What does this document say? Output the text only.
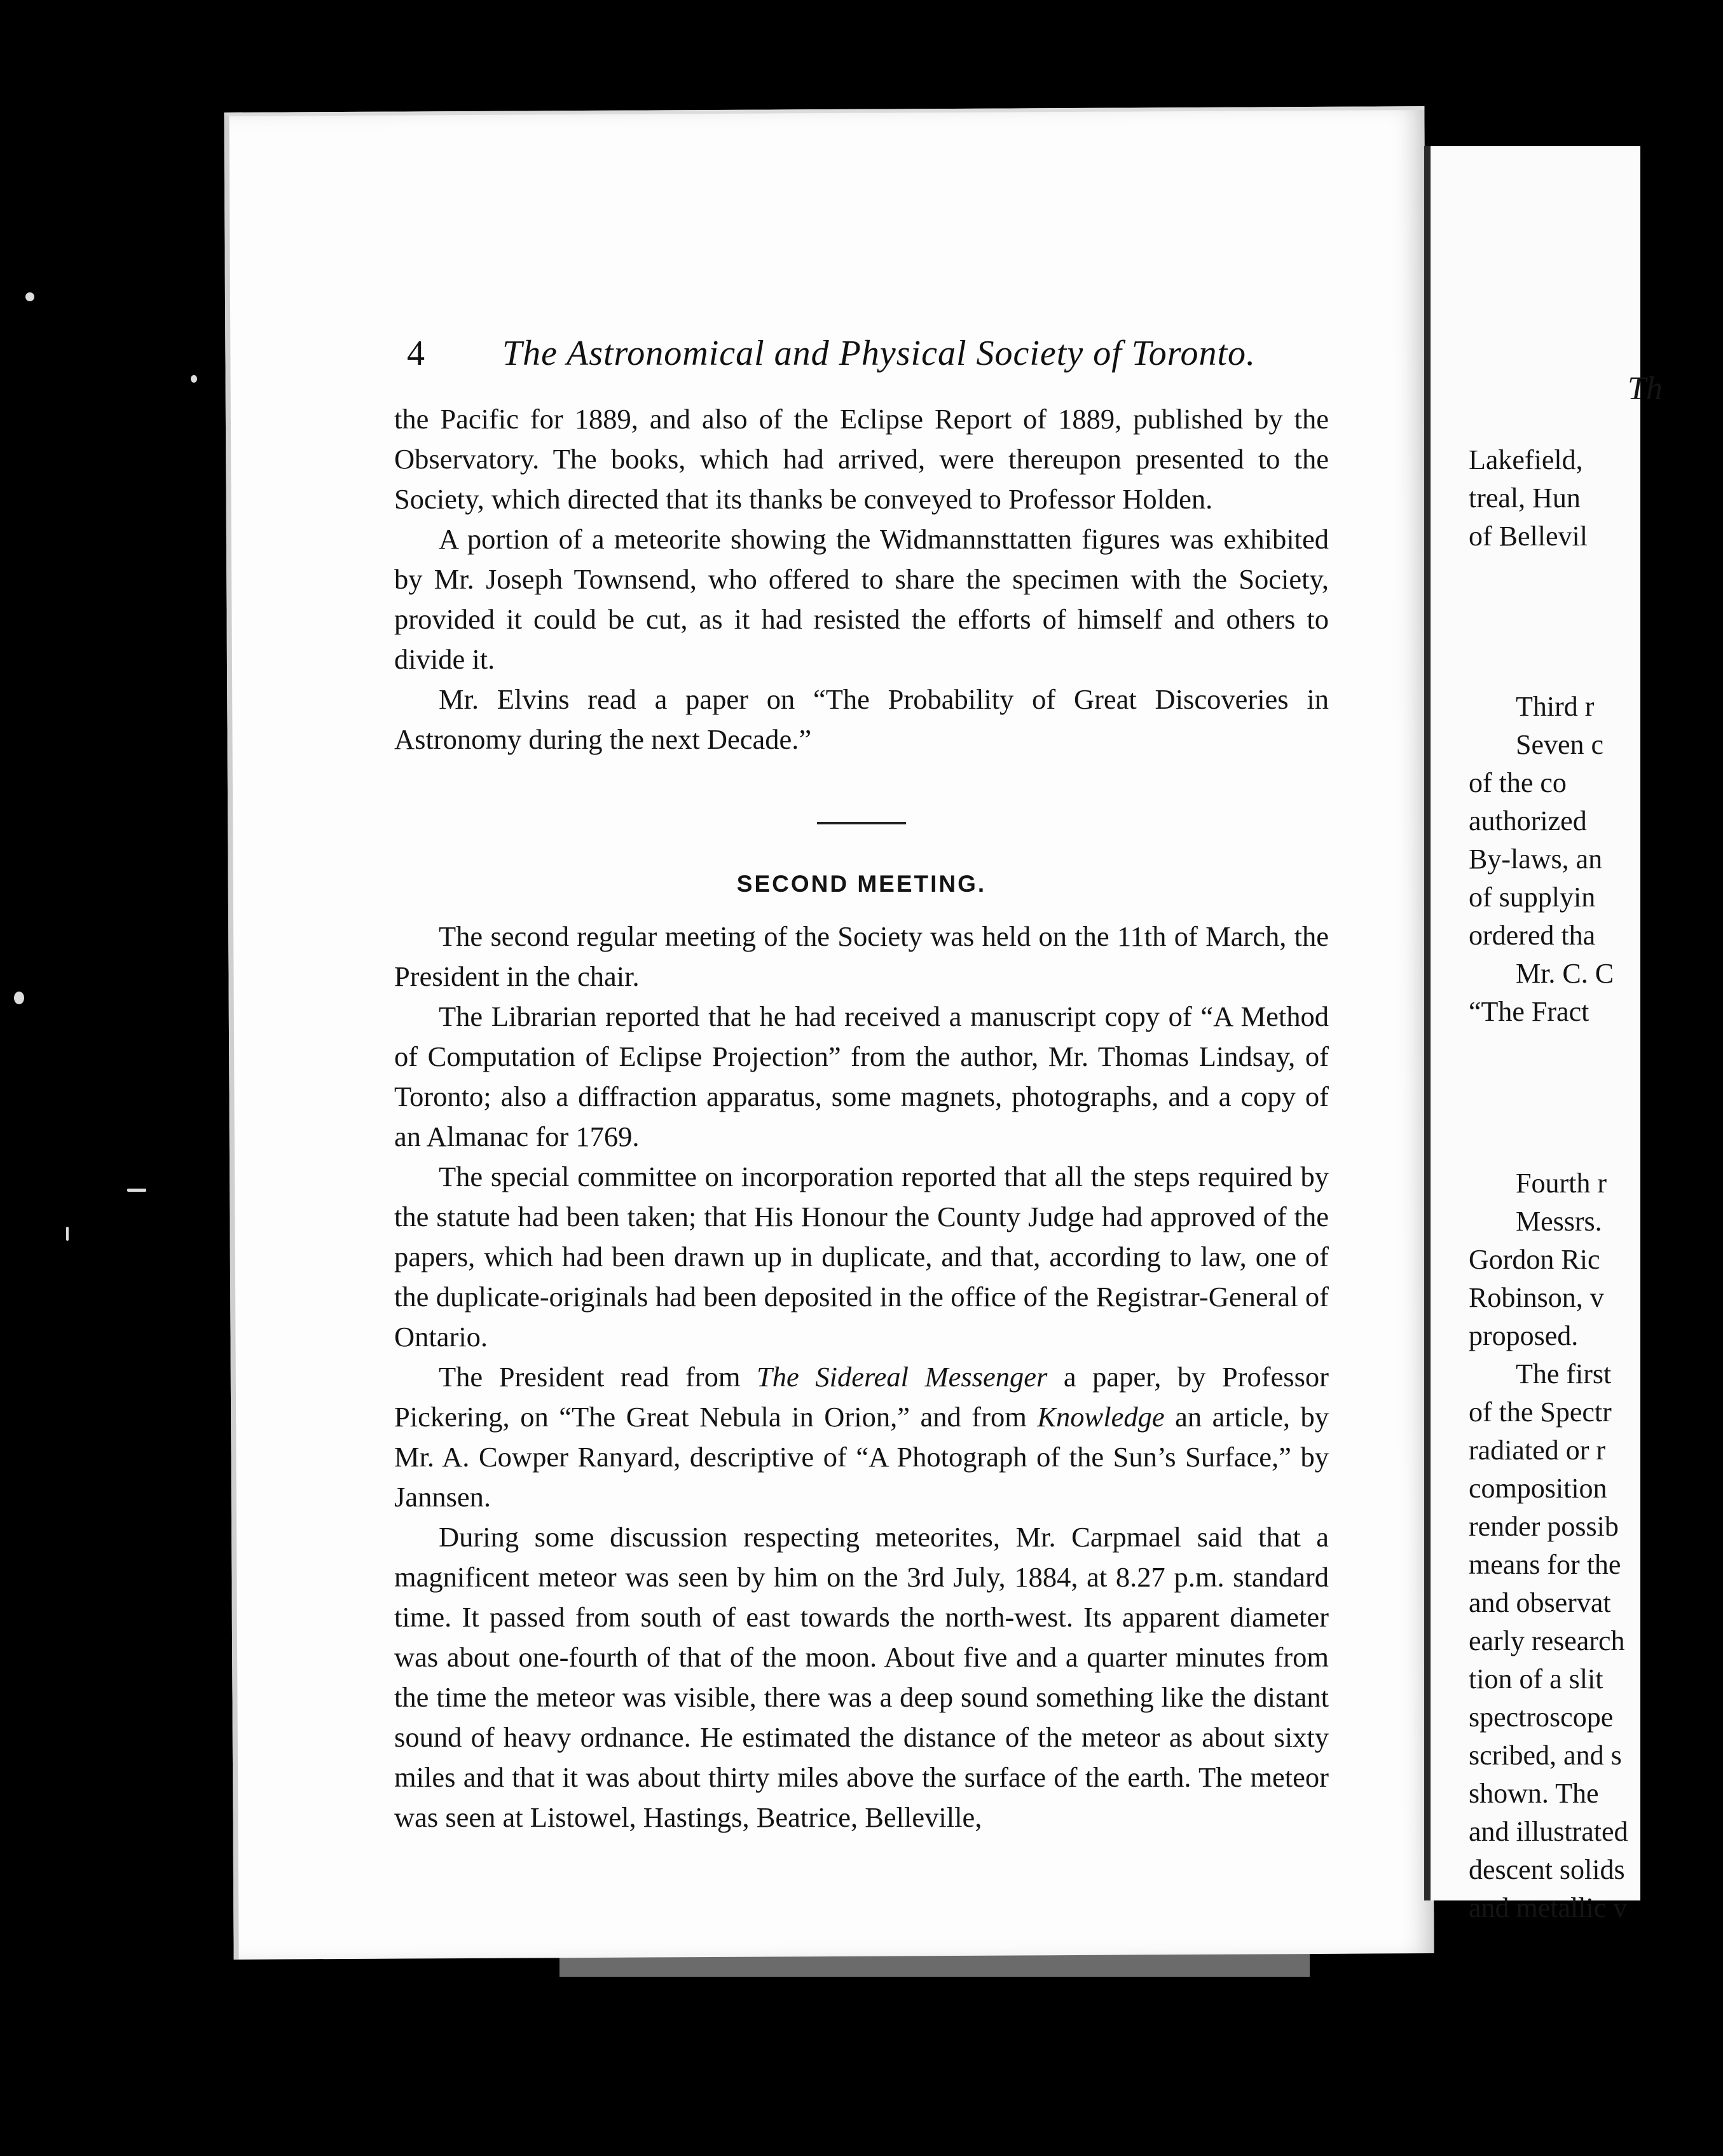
4 The Astronomical and Physical Society of Toronto.

the Pacific for 1889, and also of the Eclipse Report of 1889, published by the Observatory. The books, which had arrived, were thereupon presented to the Society, which directed that its thanks be conveyed to Professor Holden.

A portion of a meteorite showing the Widmannsttatten figures was exhibited by Mr. Joseph Townsend, who offered to share the specimen with the Society, provided it could be cut, as it had resisted the efforts of himself and others to divide it.

Mr. Elvins read a paper on “The Probability of Great Discoveries in Astronomy during the next Decade.”

SECOND MEETING.

The second regular meeting of the Society was held on the 11th of March, the President in the chair.

The Librarian reported that he had received a manuscript copy of “A Method of Computation of Eclipse Projection” from the author, Mr. Thomas Lindsay, of Toronto; also a diffraction apparatus, some magnets, photographs, and a copy of an Almanac for 1769.

The special committee on incorporation reported that all the steps required by the statute had been taken; that His Honour the County Judge had approved of the papers, which had been drawn up in duplicate, and that, according to law, one of the duplicate-originals had been deposited in the office of the Registrar-General of Ontario.

The President read from The Sidereal Messenger a paper, by Professor Pickering, on “The Great Nebula in Orion,” and from Knowledge an article, by Mr. A. Cowper Ranyard, descriptive of “A Photograph of the Sun’s Surface,” by Jannsen.

During some discussion respecting meteorites, Mr. Carpmael said that a magnificent meteor was seen by him on the 3rd July, 1884, at 8.27 p.m. standard time. It passed from south of east towards the north-west. Its apparent diameter was about one-fourth of that of the moon. About five and a quarter minutes from the time the meteor was visible, there was a deep sound something like the distant sound of heavy ordnance. He estimated the distance of the meteor as about sixty miles and that it was about thirty miles above the surface of the earth. The meteor was seen at Listowel, Hastings, Beatrice, Belleville,

Th
Lakefield,
treal, Hun
of Bellevil
Third r
Seven c
of the co
authorized
By-laws, an
of supplyin
ordered tha
Mr. C. C
“The Fract
Fourth r
Messrs.
Gordon Ric
Robinson, v
proposed.
The first
of the Spectr
radiated or r
composition
render possib
means for the
and observat
early research
tion of a slit
spectroscope
scribed, and s
shown. The
and illustrated
descent solids
and metallic v
